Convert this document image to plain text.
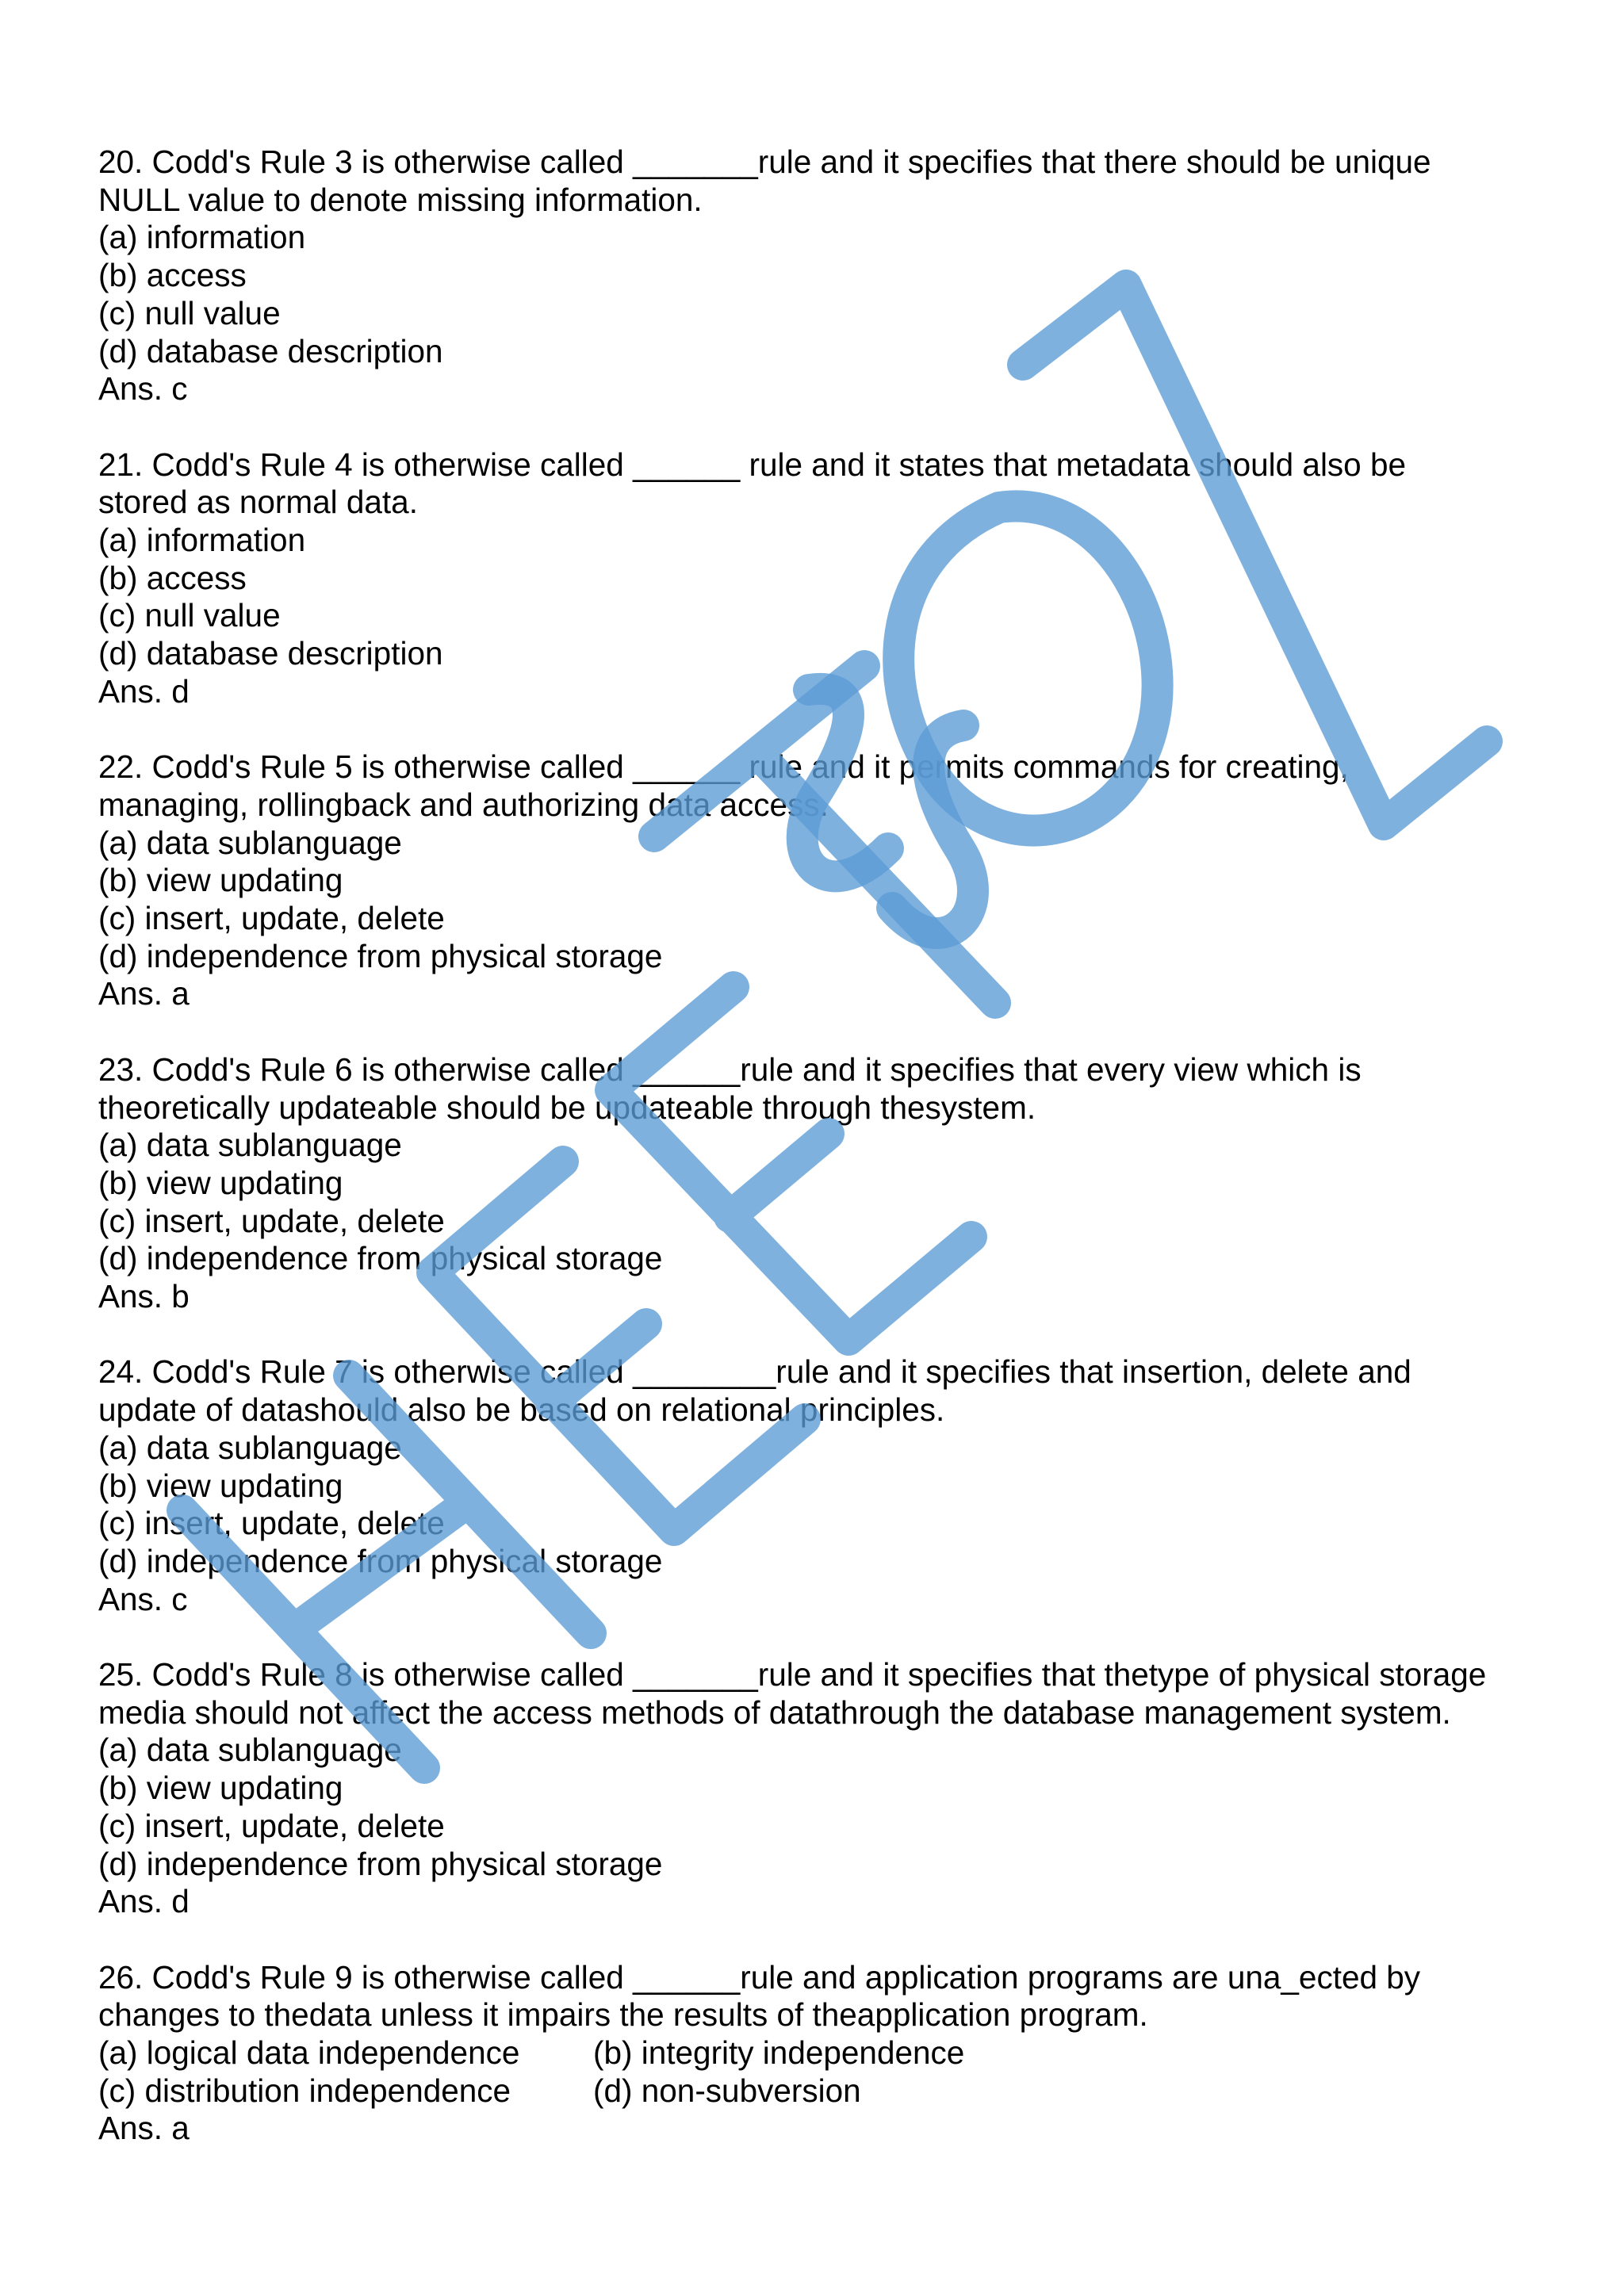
20. Codd's Rule 3 is otherwise called _______rule and it specifies that there should be unique
NULL value to denote missing information.
(a) information
(b) access
(c) null value
(d) database description
Ans. c
21. Codd's Rule 4 is otherwise called ______ rule and it states that metadata should also be
stored as normal data.
(a) information
(b) access
(c) null value
(d) database description
Ans. d
22. Codd's Rule 5 is otherwise called ______ rule and it permits commands for creating,
managing, rollingback and authorizing data access.
(a) data sublanguage
(b) view updating
(c) insert, update, delete
(d) independence from physical storage
Ans. a
23. Codd's Rule 6 is otherwise called ______rule and it specifies that every view which is
theoretically updateable should be updateable through thesystem.
(a) data sublanguage
(b) view updating
(c) insert, update, delete
(d) independence from physical storage
Ans. b
24. Codd's Rule 7 is otherwise called ________rule and it specifies that insertion, delete and
update of datashould also be based on relational principles.
(a) data sublanguage
(b) view updating
(c) insert, update, delete
(d) independence from physical storage
Ans. c
25. Codd's Rule 8 is otherwise called _______rule and it specifies that thetype of physical storage
media should not affect the access methods of datathrough the database management system.
(a) data sublanguage
(b) view updating
(c) insert, update, delete
(d) independence from physical storage
Ans. d
26. Codd's Rule 9 is otherwise called ______rule and application programs are una_ected by
changes to thedata unless it impairs the results of theapplication program.
(a) logical data independence (b) integrity independence
(c) distribution independence	(d) non-subversion
Ans. a
